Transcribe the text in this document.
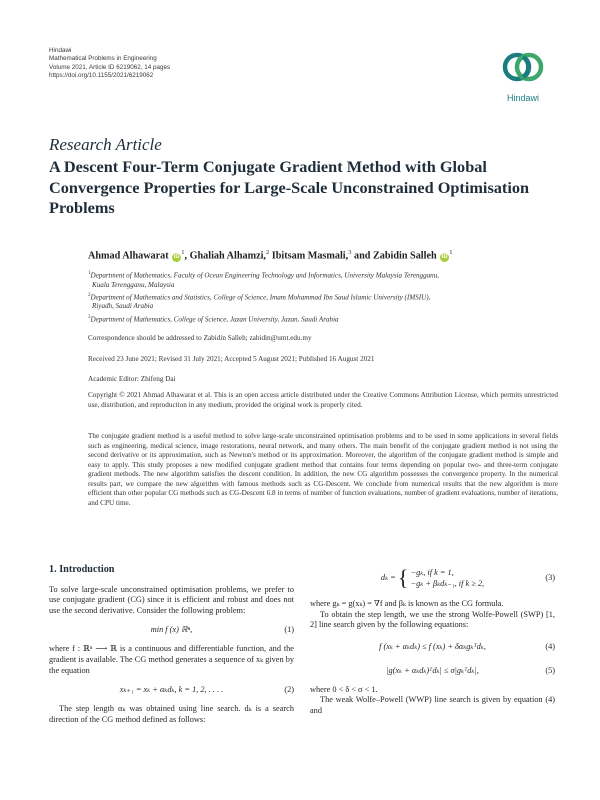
Hindawi
Mathematical Problems in Engineering
Volume 2021, Article ID 6219062, 14 pages
https://doi.org/10.1155/2021/6219062
Hindawi
Research Article
A Descent Four-Term Conjugate Gradient Method with Global Convergence Properties for Large-Scale Unconstrained Optimisation Problems
Ahmad Alhawarat $iD^1$, Ghaliah Alhamzi,$^2$ Ibitsam Masmali,$^3$ and Zabidin Salleh $iD^1$
$^1$Department of Mathematics, Faculty of Ocean Engineering Technology and Informatics, University Malaysia Terengganu,
Kuala Terengganu, Malaysia
$^2$Department of Mathematics and Statistics, College of Science, Imam Mohammad Ibn Saud Islamic University (IMSIU),
Riyadh, Saudi Arabia
$^3$Department of Mathematics, College of Science, Jazan University, Jazan, Saudi Arabia
Correspondence should be addressed to Zabidin Salleh; zabidin@umt.edu.my
Received 23 June 2021; Revised 31 July 2021; Accepted 5 August 2021; Published 16 August 2021
Academic Editor: Zhifeng Dai
Copyright © 2021 Ahmad Alhawarat et al. This is an open access article distributed under the Creative Commons Attribution License, which permits unrestricted use, distribution, and reproduction in any medium, provided the original work is properly cited.
The conjugate gradient method is a useful method to solve large-scale unconstrained optimisation problems and to be used in some applications in several fields such as engineering, medical science, image restorations, neural network, and many others. The main benefit of the conjugate gradient method is not using the second derivative or its approximation, such as Newton's method or its approximation. Moreover, the algorithm of the conjugate gradient method is simple and easy to apply. This study proposes a new modified conjugate gradient method that contains four terms depending on popular two- and three-term conjugate gradient methods. The new algorithm satisfies the descent condition. In addition, the new CG algorithm possesses the convergence property. In the numerical results part, we compare the new algorithm with famous methods such as CG-Descent. We conclude from numerical results that the new algorithm is more efficient than other popular CG methods such as CG-Descent 6.8 in terms of number of function evaluations, number of gradient evaluations, number of iterations, and CPU time.
1. Introduction
To solve large-scale unconstrained optimisation problems, we prefer to use conjugate gradient (CG) since it is efficient and robust and does not use the second derivative. Consider the following problem:
min f (x) ℝⁿ,	(1)
where f : ℝⁿ ⟶ ℝ is a continuous and differentiable function, and the gradient is available. The CG method generates a sequence of xₖ given by the equation
xₖ₊₁ = xₖ + αₖdₖ, k = 1, 2, . . . .	(2)
The step length αₖ was obtained using line search. dₖ is a search direction of the CG method defined as follows:
dₖ = { −gₖ, if k = 1,
−gₖ + βₖdₖ₋₁, if k ≥ 2,
(3)
where gₖ = g(xₖ) = ∇f and βₖ is known as the CG formula.
To obtain the step length, we use the strong Wolfe-Powell (SWP) [1, 2] line search given by the following equations:
f (xₖ + αₖdₖ) ≤ f (xₖ) + δαₖgₖᵀdₖ,	(4)
|g(xₖ + αₖdₖ)ᵀdₖ| ≤ σ|gₖᵀdₖ|,	(5)
where 0 < δ < σ < 1.
The weak Wolfe–Powell (WWP) line search is given by equation (4) and
